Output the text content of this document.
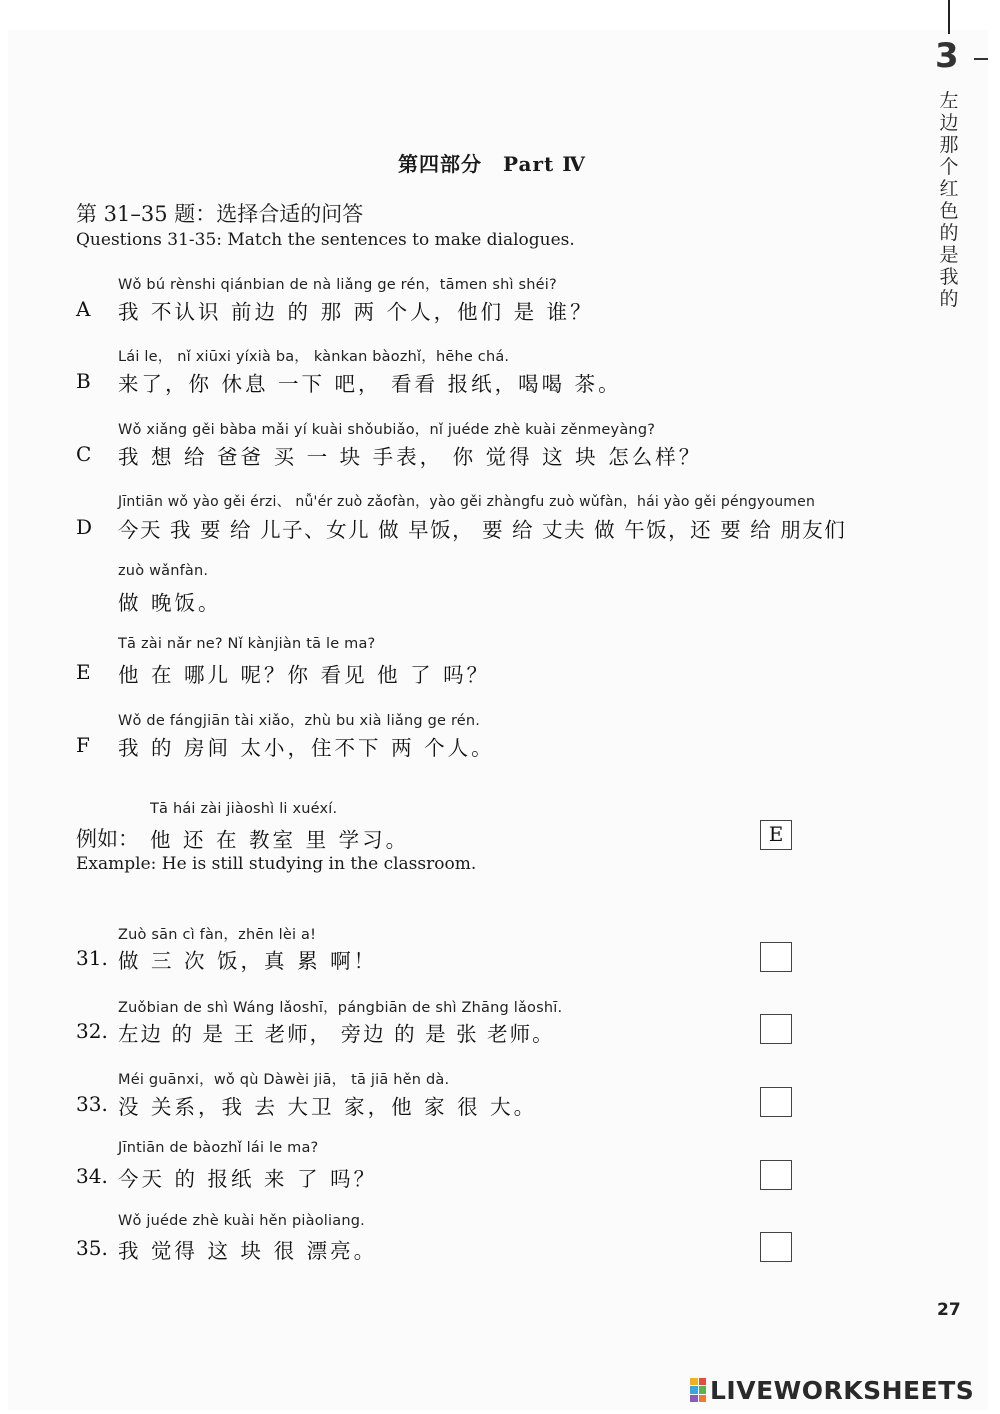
3
左边那个红色的是我的
第四部分　Part Ⅳ
第 31–35 题：选择合适的问答
Questions 31-35: Match the sentences to make dialogues.
Wǒ bú rènshi qiánbian de nà liǎng ge rén，tāmen shì shéi?
A 我 不认识 前边 的 那 两 个人，他们 是 谁？
Lái le， nǐ xiūxi yíxià ba， kànkan bàozhǐ，hēhe chá.
B 来了，你 休息 一下 吧， 看看 报纸，喝喝 茶。
Wǒ xiǎng gěi bàba mǎi yí kuài shǒubiǎo，nǐ juéde zhè kuài zěnmeyàng?
C 我 想 给 爸爸 买 一 块 手表， 你 觉得 这 块 怎么样？
Jīntiān wǒ yào gěi érzi、 nǚ'ér zuò zǎofàn，yào gěi zhàngfu zuò wǔfàn，hái yào gěi péngyoumen
D 今天 我 要 给 儿子、女儿 做 早饭， 要 给 丈夫 做 午饭，还 要 给 朋友们
zuò wǎnfàn.
做 晚饭。
Tā zài nǎr ne? Nǐ kànjiàn tā le ma?
E 他 在 哪儿 呢？你 看见 他 了 吗？
Wǒ de fángjiān tài xiǎo，zhù bu xià liǎng ge rén.
F 我 的 房间 太小，住不下 两 个人。
Tā hái zài jiàoshì li xuéxí.
例如： 他 还 在 教室 里 学习。
Example: He is still studying in the classroom.
E
Zuò sān cì fàn，zhēn lèi a!
31. 做 三 次 饭，真 累 啊！
Zuǒbian de shì Wáng lǎoshī，pángbiān de shì Zhāng lǎoshī.
32. 左边 的 是 王 老师， 旁边 的 是 张 老师。
Méi guānxi，wǒ qù Dàwèi jiā， tā jiā hěn dà.
33. 没 关系，我 去 大卫 家，他 家 很 大。
Jīntiān de bàozhǐ lái le ma?
34. 今天 的 报纸 来 了 吗？
Wǒ juéde zhè kuài hěn piàoliang.
35. 我 觉得 这 块 很 漂亮。
27
LIVEWORKSHEETS
